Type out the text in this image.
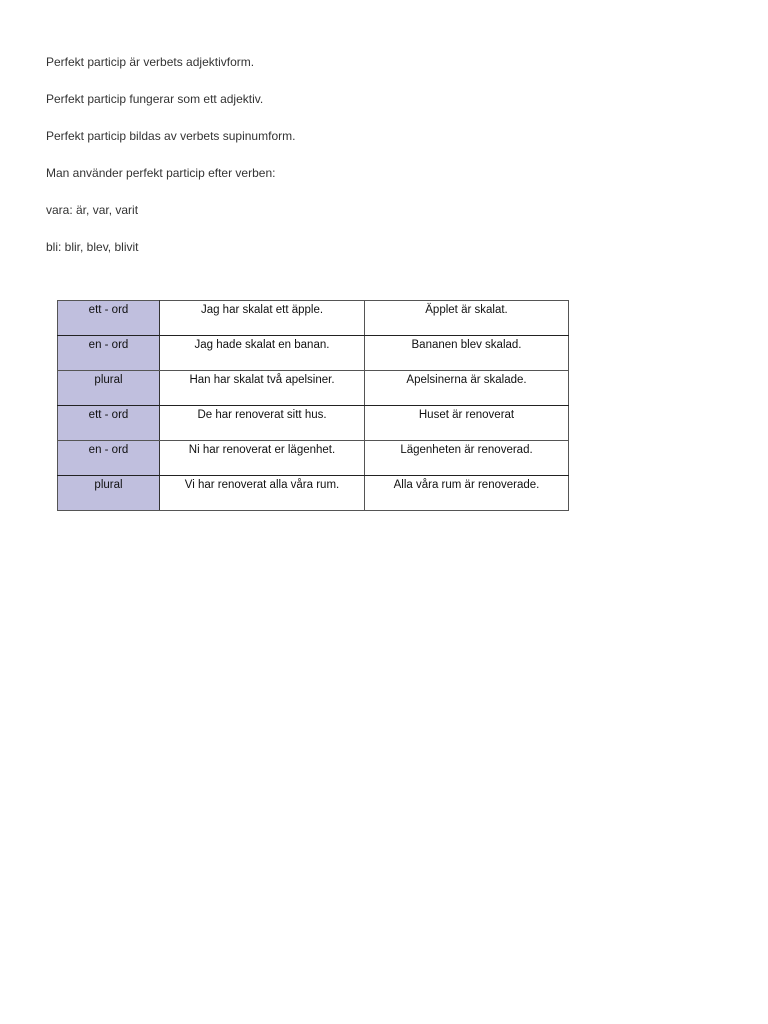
Perfekt particip är verbets adjektivform.

Perfekt particip fungerar som ett adjektiv.

Perfekt particip bildas av verbets supinumform.

Man använder perfekt particip efter verben:

vara: är, var, varit

bli: blir, blev, blivit

ett - ord	Jag har skalat ett äpple.	Äpplet är skalat.
en - ord	Jag hade skalat en banan.	Bananen blev skalad.
plural	Han har skalat två apelsiner.	Apelsinerna är skalade.
ett - ord	De har renoverat sitt hus.	Huset är renoverat
en - ord	Ni har renoverat er lägenhet.	Lägenheten är renoverad.
plural	Vi har renoverat alla våra rum.	Alla våra rum är renoverade.
